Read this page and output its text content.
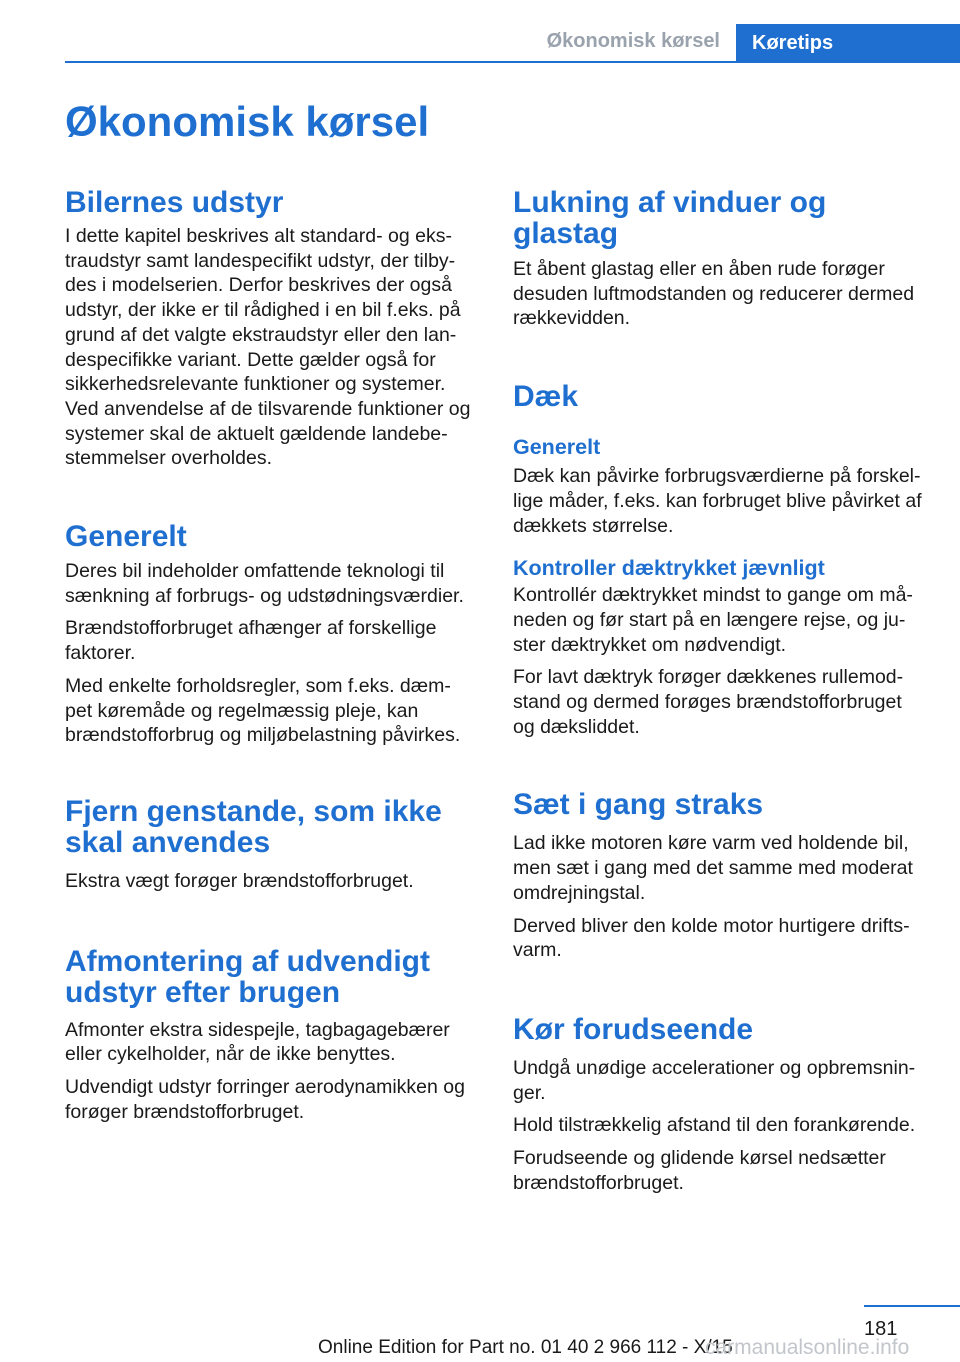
Økonomisk kørsel	Køretips
Økonomisk kørsel
Bilernes udstyr

I dette kapitel beskrives alt standard- og eks‐
traudstyr samt landespecifikt udstyr, der tilby‐
des i modelserien. Derfor beskrives der også
udstyr, der ikke er til rådighed i en bil f.eks. på
grund af det valgte ekstraudstyr eller den lan‐
despecifikke variant. Dette gælder også for
sikkerhedsrelevante funktioner og systemer.
Ved anvendelse af de tilsvarende funktioner og
systemer skal de aktuelt gældende landebe‐
stemmelser overholdes.

Generelt

Deres bil indeholder omfattende teknologi til
sænkning af forbrugs- og udstødningsværdier.

Brændstofforbruget afhænger af forskellige
faktorer.

Med enkelte forholdsregler, som f.eks. dæm‐
pet køremåde og regelmæssig pleje, kan
brændstofforbrug og miljøbelastning påvirkes.

Fjern genstande, som ikke
skal anvendes

Ekstra vægt forøger brændstofforbruget.

Afmontering af udvendigt
udstyr efter brugen

Afmonter ekstra sidespejle, tagbagagebærer
eller cykelholder, når de ikke benyttes.

Udvendigt udstyr forringer aerodynamikken og
forøger brændstofforbruget.

Lukning af vinduer og
glastag

Et åbent glastag eller en åben rude forøger
desuden luftmodstanden og reducerer dermed
rækkevidden.

Dæk
Generelt

Dæk kan påvirke forbrugsværdierne på forskel‐
lige måder, f.eks. kan forbruget blive påvirket af
dækkets størrelse.

Kontroller dæktrykket jævnligt

Kontrollér dæktrykket mindst to gange om må‐
neden og før start på en længere rejse, og ju‐
ster dæktrykket om nødvendigt.

For lavt dæktryk forøger dækkenes rullemod‐
stand og dermed forøges brændstofforbruget
og dæksliddet.

Sæt i gang straks

Lad ikke motoren køre varm ved holdende bil,
men sæt i gang med det samme med moderat
omdrejningstal.

Derved bliver den kolde motor hurtigere drifts‐
varm.

Kør forudseende

Undgå unødige accelerationer og opbremsnin‐
ger.

Hold tilstrækkelig afstand til den forankørende.

Forudseende og glidende kørsel nedsætter
brændstofforbruget.

181
Online Edition for Part no. 01 40 2 966 112 - X/15
carmanualsonline.info
